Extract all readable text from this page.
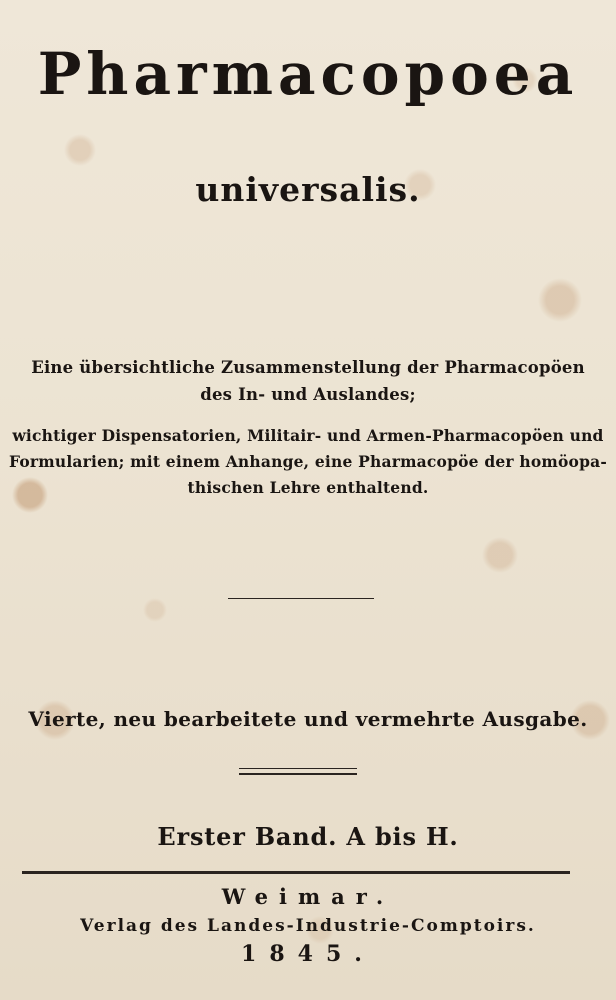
Pharmacopoea
universalis.
Eine übersichtliche Zusammenstellung der Pharmacopöen
des In- und Auslandes;
wichtiger Dispensatorien, Militair- und Armen-Pharmacopöen und
Formularien; mit einem Anhange, eine Pharmacopöe der homöopa-
thischen Lehre enthaltend.
Vierte, neu bearbeitete und vermehrte Ausgabe.
Erster Band. A bis H.
Weimar.
Verlag des Landes-Industrie-Comptoirs.
1845.
